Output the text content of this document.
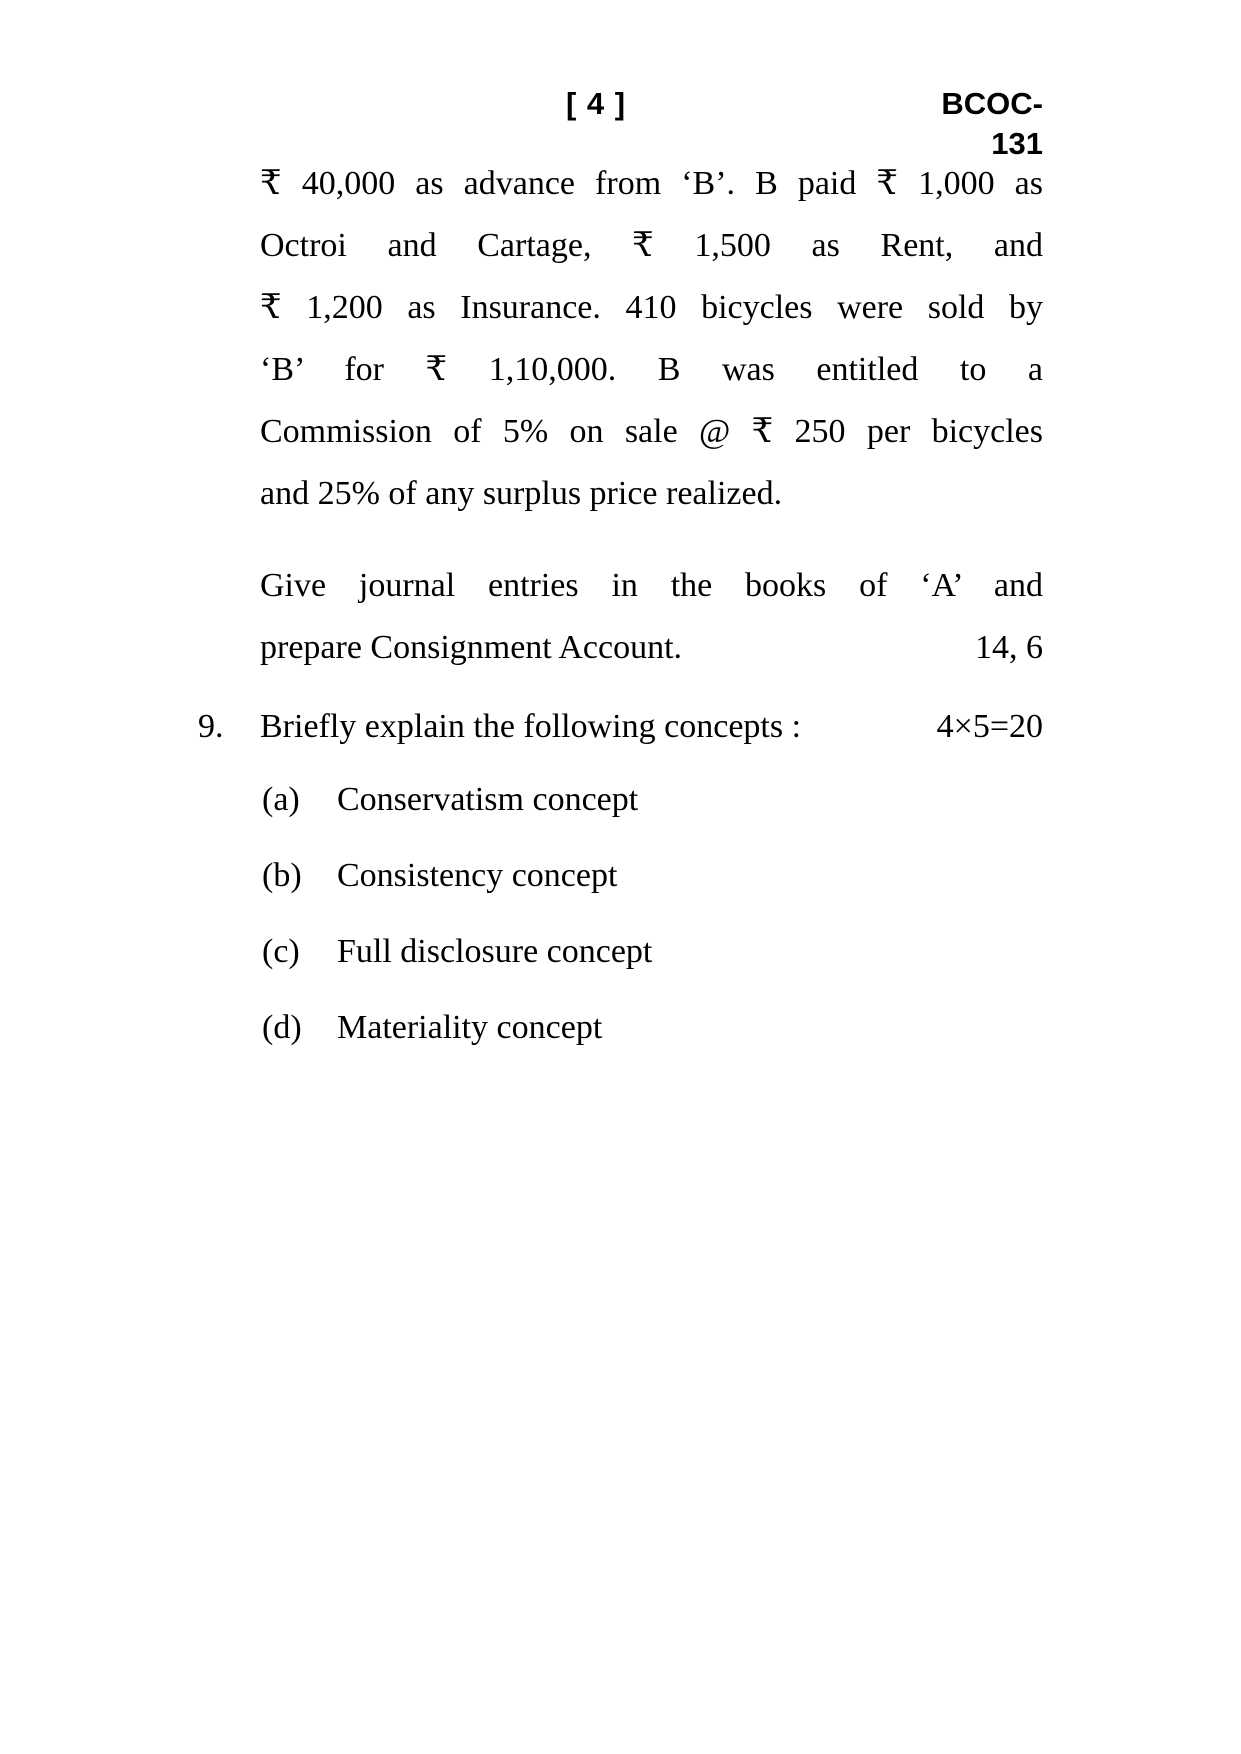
[ 4 ]	BCOC-131
₹ 40,000 as advance from ‘B’. B paid ₹ 1,000 as
Octroi and Cartage, ₹ 1,500 as Rent, and
₹ 1,200 as Insurance. 410 bicycles were sold by
‘B’ for ₹ 1,10,000. B was entitled to a
Commission of 5% on sale @ ₹ 250 per bicycles
and 25% of any surplus price realized.
Give journal entries in the books of ‘A’ and
prepare Consignment Account.	14, 6
9.	Briefly explain the following concepts :	4×5=20
(a)	Conservatism concept
(b)	Consistency concept
(c)	Full disclosure concept
(d)	Materiality concept
